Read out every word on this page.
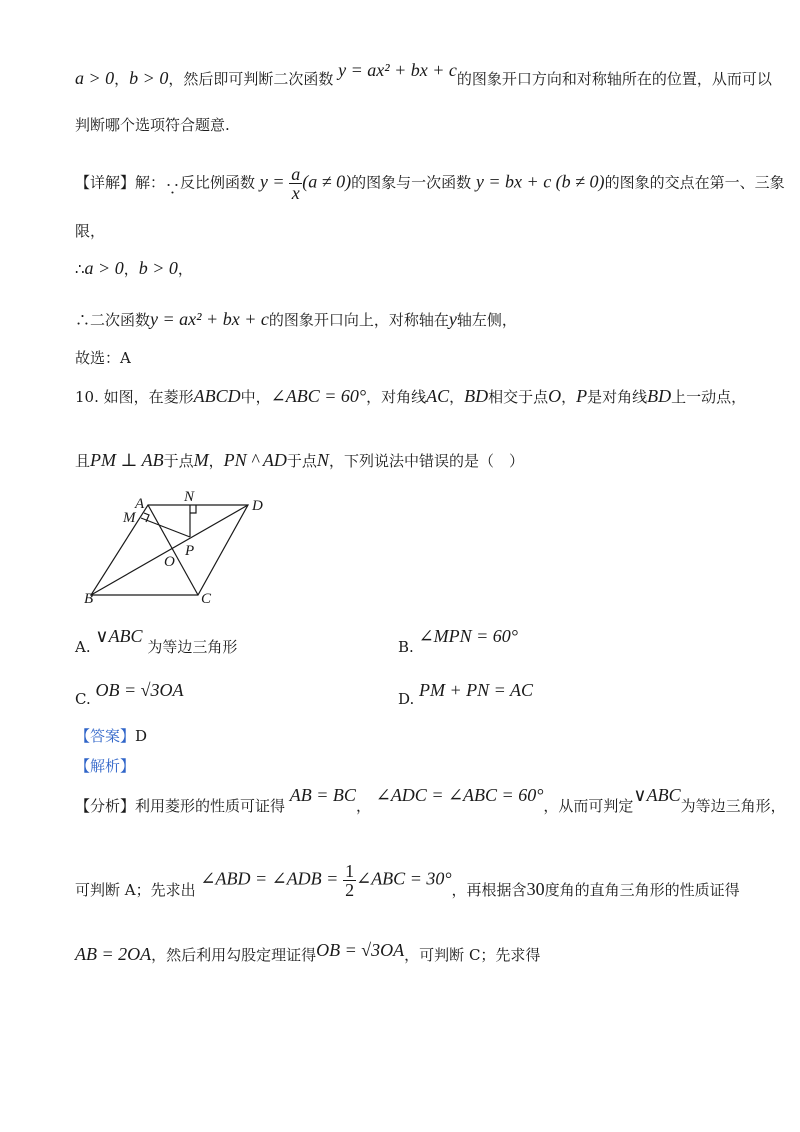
a > 0，b > 0，然后即可判断二次函数 y = ax² + bx + c的图象开口方向和对称轴所在的位置，从而可以
判断哪个选项符合题意.
【详解】解：∵反比例函数 $y = \frac{a}{x} (a \ne 0)$的图象与一次函数 y = bx + c (b ≠ 0)的图象的交点在第一、三象
限，
∴a > 0，b > 0，
∴二次函数y = ax² + bx + c的图象开口向上，对称轴在y轴左侧，
故选：A
10. 如图，在菱形ABCD中，∠ABC = 60°，对角线AC，BD相交于点O，P是对角线BD上一动点，
且PM ⊥ AB于点M，PN ^ AD于点N，下列说法中错误的是（　）
A	N
D
M
P
O
B	C
A. ∨ABC 为等边三角形	B. ∠MPN = 60°
C. OB = √3OA	D. PM + PN = AC
【答案】D
【解析】
【分析】利用菱形的性质可证得 AB = BC， ∠ADC = ∠ABC = 60°，从而可判定∨ABC为等边三角形，
可判断 A；先求出 ∠ABD = ∠ADB = $\frac{1}{2}$ ∠ABC = 30°，再根据含30度角的直角三角形的性质证得
AB = 2OA，然后利用勾股定理证得OB = √3OA，可判断 C；先求得
